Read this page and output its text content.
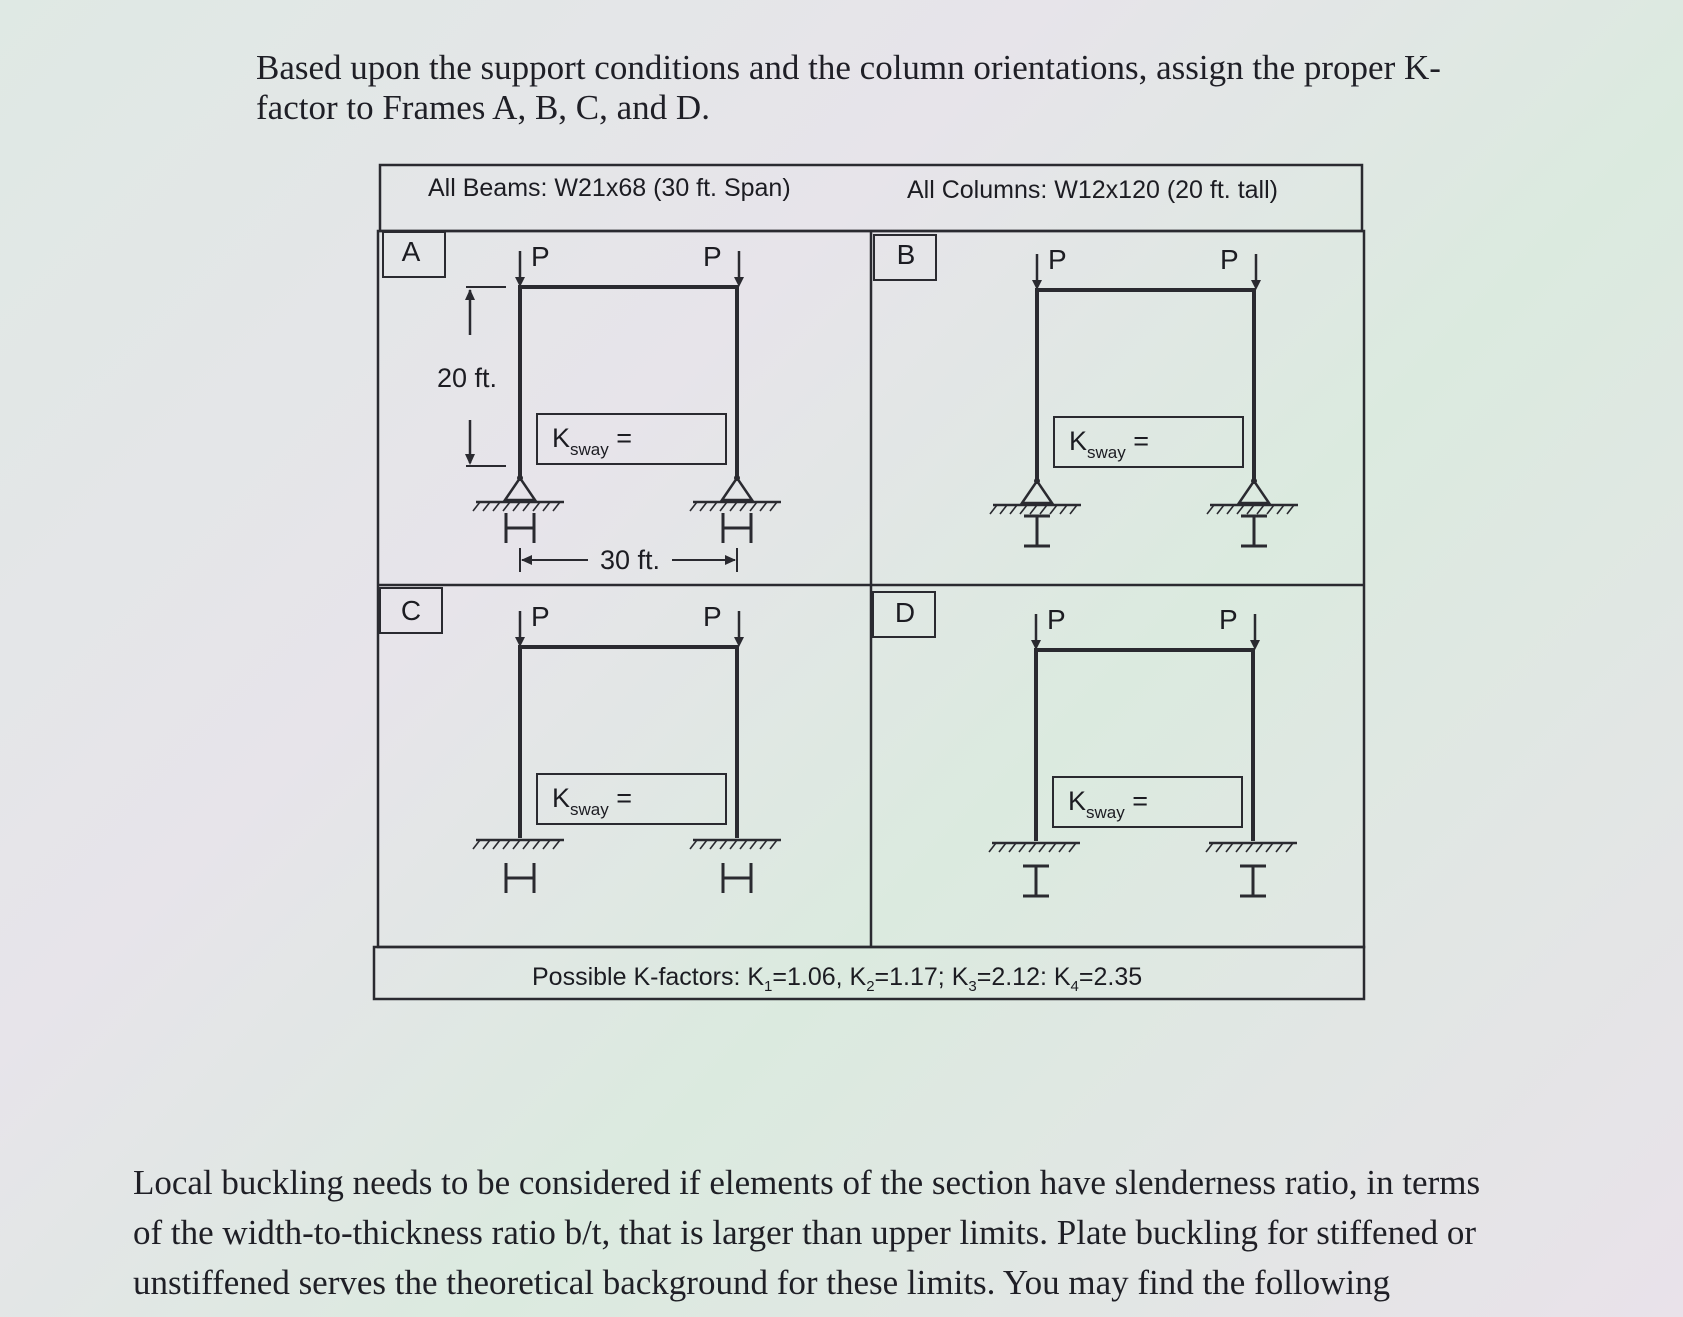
Based upon the support conditions and the column orientations, assign the proper K-
factor to Frames A, B, C, and D.

All Beams: W21x68 (30 ft. Span)	All Columns: W12x120 (20 ft. tall)
Possible K-factors: $K_1=1.06$, $K_2=1.17$; $K_3=2.12$: $K_4=2.35$
A	P	P
$K_{sway}$ =
20 ft.
30 ft.
B	P	P
$K_{sway}$ =
C	P	P
$K_{sway}$ =
D	P	P
$K_{sway}$ =

Local buckling needs to be considered if elements of the section have slenderness ratio, in terms
of the width-to-thickness ratio b/t, that is larger than upper limits. Plate buckling for stiffened or
unstiffened serves the theoretical background for these limits. You may find the following
